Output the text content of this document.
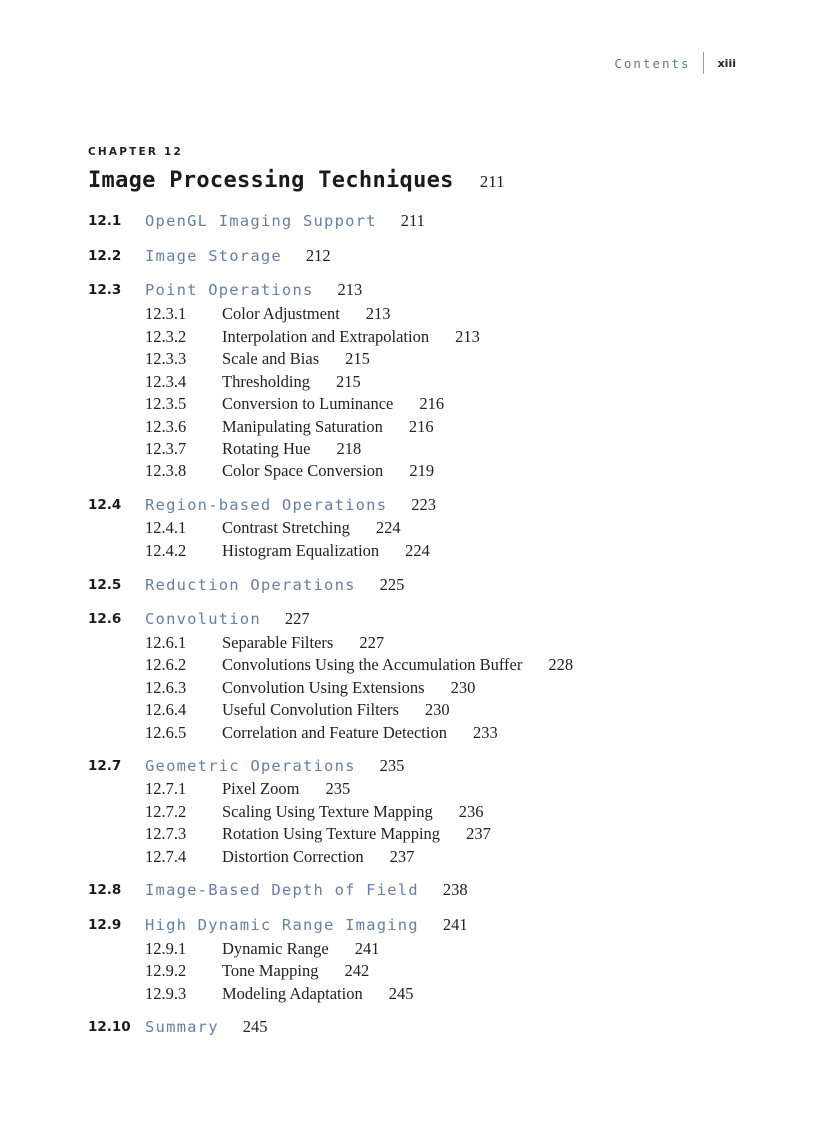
Contents xiii
CHAPTER 12
Image Processing Techniques 211
12.1 OpenGL Imaging Support 211
12.2 Image Storage 212
12.3 Point Operations 213
12.3.1 Color Adjustment 213
12.3.2 Interpolation and Extrapolation 213
12.3.3 Scale and Bias 215
12.3.4 Thresholding 215
12.3.5 Conversion to Luminance 216
12.3.6 Manipulating Saturation 216
12.3.7 Rotating Hue 218
12.3.8 Color Space Conversion 219
12.4 Region-based Operations 223
12.4.1 Contrast Stretching 224
12.4.2 Histogram Equalization 224
12.5 Reduction Operations 225
12.6 Convolution 227
12.6.1 Separable Filters 227
12.6.2 Convolutions Using the Accumulation Buffer 228
12.6.3 Convolution Using Extensions 230
12.6.4 Useful Convolution Filters 230
12.6.5 Correlation and Feature Detection 233
12.7 Geometric Operations 235
12.7.1 Pixel Zoom 235
12.7.2 Scaling Using Texture Mapping 236
12.7.3 Rotation Using Texture Mapping 237
12.7.4 Distortion Correction 237
12.8 Image-Based Depth of Field 238
12.9 High Dynamic Range Imaging 241
12.9.1 Dynamic Range 241
12.9.2 Tone Mapping 242
12.9.3 Modeling Adaptation 245
12.10 Summary 245
